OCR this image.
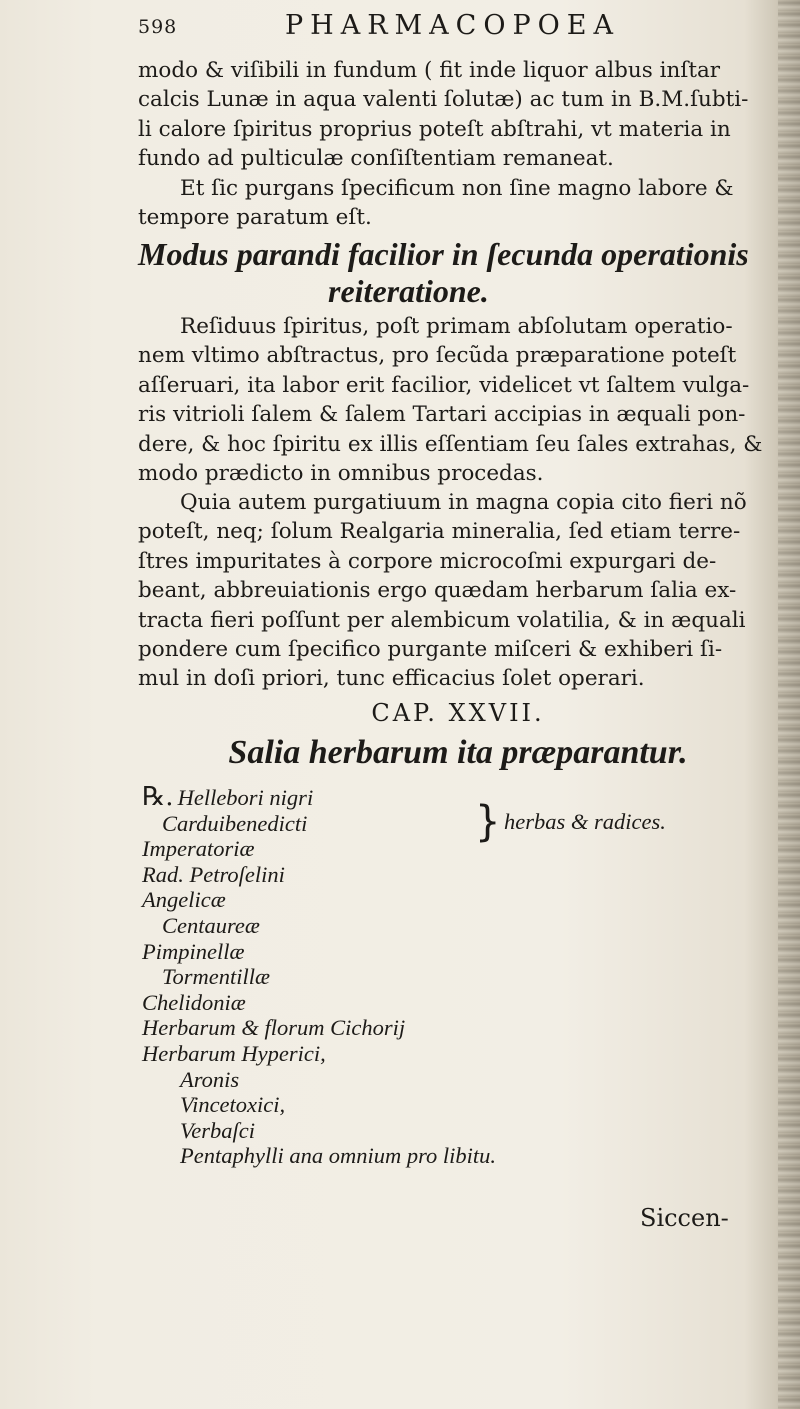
598	PHARMACOPOEA
modo & viſibili in fundum ( fit inde liquor albus inſtar
calcis Lunæ in aqua valenti ſolutæ) ac tum in B.M.ſubti-
li calore ſpiritus proprius poteſt abſtrahi, vt materia in
fundo ad pulticulæ conſiſtentiam remaneat.
Et ſic purgans ſpecificum non ſine magno labore &
tempore paratum eſt.
Modus parandi facilior in ſecunda operationis
reiteratione.
Reſiduus ſpiritus, poſt primam abſolutam operatio-
nem vltimo abſtractus, pro ſecũda præparatione poteſt
aſſeruari, ita labor erit facilior, videlicet vt ſaltem vulga-
ris vitrioli ſalem & ſalem Tartari accipias in æquali pon-
dere, & hoc ſpiritu ex illis eſſentiam ſeu ſales extrahas, &
modo prædicto in omnibus procedas.
Quia autem purgatiuum in magna copia cito fieri nõ
poteſt, neq; ſolum Realgaria mineralia, ſed etiam terre-
ſtres impuritates à corpore microcoſmi expurgari de-
beant, abbreuiationis ergo quædam herbarum ſalia ex-
tracta fieri poſſunt per alembicum volatilia, & in æquali
pondere cum ſpecifico purgante miſceri & exhiberi ſi-
mul in doſi priori, tunc efficacius ſolet operari.
CAP. XXVII.
Salia herbarum ita præparantur.
℞. Hellebori nigri
Carduibenedicti
Imperatoriæ
Rad. Petroſelini
Angelicæ
Centaureæ
Pimpinellæ
Tormentillæ
Chelidoniæ
Herbarum & florum Cichorij
Herbarum Hyperici,
Aronis
Vincetoxici,
Verbaſci
Pentaphylli ana omnium pro libitu.
} herbas & radices.
Siccen-
